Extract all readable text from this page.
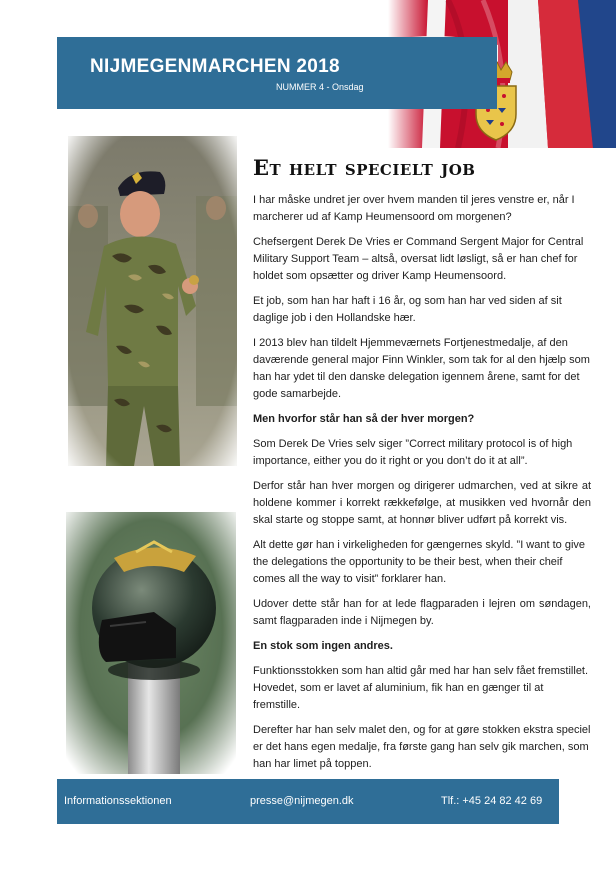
NIJMEGENMARCHEN 2018
NUMMER 4 - Onsdag
Et helt specielt job

I har måske undret jer over hvem manden til jeres venstre er, når I marcherer ud af Kamp Heumensoord om morgenen?

Chefsergent Derek De Vries er Command Sergent Major for Central Military Support Team – altså, oversat lidt løsligt, så er han chef for holdet som opsætter og driver Kamp Heumensoord.

Et job, som han har haft i 16 år, og som han har ved siden af sit daglige job i den Hollandske hær.

I 2013 blev han tildelt Hjemmeværnets Fortjenestmedalje, af den daværende general major Finn Winkler, som tak for al den hjælp som han har ydet til den danske delegation igennem årene, samt for det gode samarbejde.

Men hvorfor står han så der hver morgen?

Som Derek De Vries selv siger ”Correct military protocol is of high importance, either you do it right or you don’t do it at all”.

Derfor står han hver morgen og dirigerer udmarchen, ved at sikre at holdene kommer i korrekt rækkefølge, at musikken ved hvornår den skal starte og stoppe samt, at honnør bliver udført på korrekt vis.

Alt dette gør han i virkeligheden for gængernes skyld. ”I want to give the delegations the opportunity to be their best, when their cheif comes all the way to visit” forklarer han.

Udover dette står han for at lede flagparaden i lejren om søndagen, samt flagparaden inde i Nijmegen by.

En stok som ingen andres.

Funktionsstokken som han altid går med har han selv fået fremstillet. Hovedet, som er lavet af aluminium, fik han en gænger til at fremstille.

Derefter har han selv malet den, og for at gøre stokken ekstra speciel er det hans egen medalje, fra første gang han selv gik marchen, som han har limet på toppen.

Informationssektionen	presse@nijmegen.dk	Tlf.: +45 24 82 42 69
